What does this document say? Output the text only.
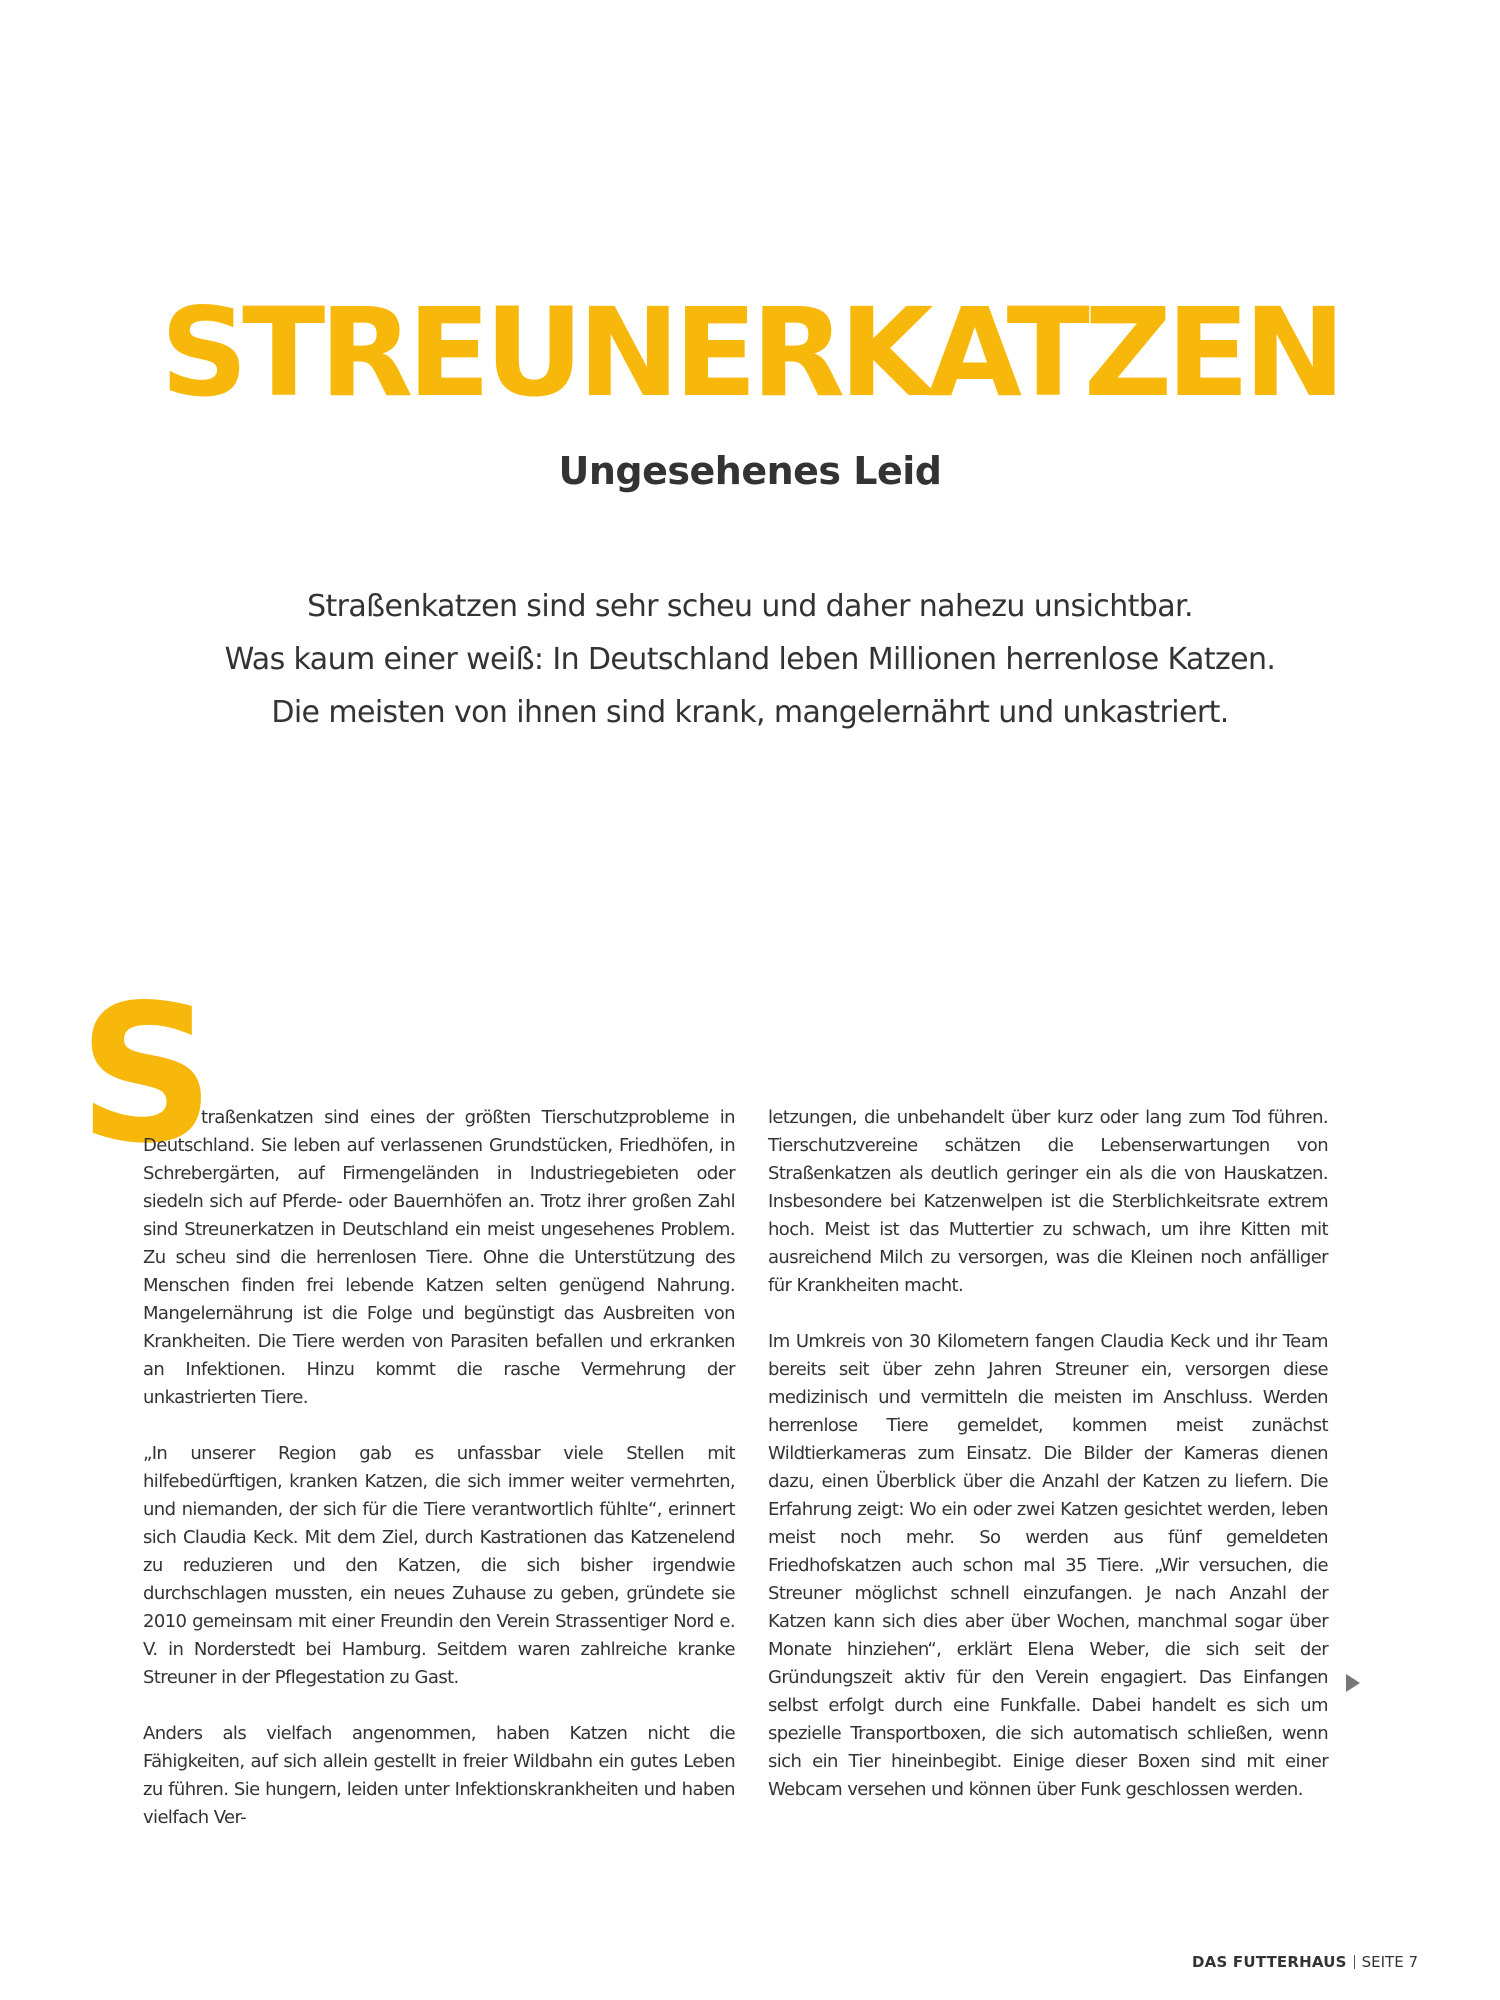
STREUNERKATZEN
Ungesehenes Leid
Straßenkatzen sind sehr scheu und daher nahezu unsichtbar.
Was kaum einer weiß: In Deutschland leben Millionen herrenlose Katzen.
Die meisten von ihnen sind krank, mangelernährt und unkastriert.
S

traßenkatzen sind eines der größten Tierschutzprobleme in Deutschland. Sie leben auf verlassenen Grundstücken, Friedhöfen, in Schrebergärten, auf Firmengeländen in Industriegebieten oder siedeln sich auf Pferde- oder Bauernhöfen an. Trotz ihrer großen Zahl sind Streunerkatzen in Deutschland ein meist ungesehenes Problem. Zu scheu sind die herrenlosen Tiere. Ohne die Unterstützung des Menschen finden frei lebende Katzen selten genügend Nahrung. Mangelernährung ist die Folge und begünstigt das Ausbreiten von Krankheiten. Die Tiere werden von Parasiten befallen und erkranken an Infektionen. Hinzu kommt die rasche Vermehrung der unkastrierten Tiere.

„In unserer Region gab es unfassbar viele Stellen mit hilfebedürftigen, kranken Katzen, die sich immer weiter vermehrten, und niemanden, der sich für die Tiere verantwortlich fühlte“, erinnert sich Claudia Keck. Mit dem Ziel, durch Kastrationen das Katzenelend zu reduzieren und den Katzen, die sich bisher irgendwie durchschlagen mussten, ein neues Zuhause zu geben, gründete sie 2010 gemeinsam mit einer Freundin den Verein Strassentiger Nord e. V. in Norderstedt bei Hamburg. Seitdem waren zahlreiche kranke Streuner in der Pflegestation zu Gast.

Anders als vielfach angenommen, haben Katzen nicht die Fähigkeiten, auf sich allein gestellt in freier Wildbahn ein gutes Leben zu führen. Sie hungern, leiden unter Infektionskrankheiten und haben vielfach Ver-

letzungen, die unbehandelt über kurz oder lang zum Tod führen. Tierschutzvereine schätzen die Lebenserwartungen von Straßenkatzen als deutlich geringer ein als die von Hauskatzen. Insbesondere bei Katzenwelpen ist die Sterblichkeitsrate extrem hoch. Meist ist das Muttertier zu schwach, um ihre Kitten mit ausreichend Milch zu versorgen, was die Kleinen noch anfälliger für Krankheiten macht.

Im Umkreis von 30 Kilometern fangen Claudia Keck und ihr Team bereits seit über zehn Jahren Streuner ein, versorgen diese medizinisch und vermitteln die meisten im Anschluss. Werden herrenlose Tiere gemeldet, kommen meist zunächst Wildtierkameras zum Einsatz. Die Bilder der Kameras dienen dazu, einen Überblick über die Anzahl der Katzen zu liefern. Die Erfahrung zeigt: Wo ein oder zwei Katzen gesichtet werden, leben meist noch mehr. So werden aus fünf gemeldeten Friedhofskatzen auch schon mal 35 Tiere. „Wir versuchen, die Streuner möglichst schnell einzufangen. Je nach Anzahl der Katzen kann sich dies aber über Wochen, manchmal sogar über Monate hinziehen“, erklärt Elena Weber, die sich seit der Gründungszeit aktiv für den Verein engagiert. Das Einfangen selbst erfolgt durch eine Funkfalle. Dabei handelt es sich um spezielle Transportboxen, die sich automatisch schließen, wenn sich ein Tier hineinbegibt. Einige dieser Boxen sind mit einer Webcam versehen und können über Funk geschlossen werden.

DAS FUTTERHAUS SEITE 7
